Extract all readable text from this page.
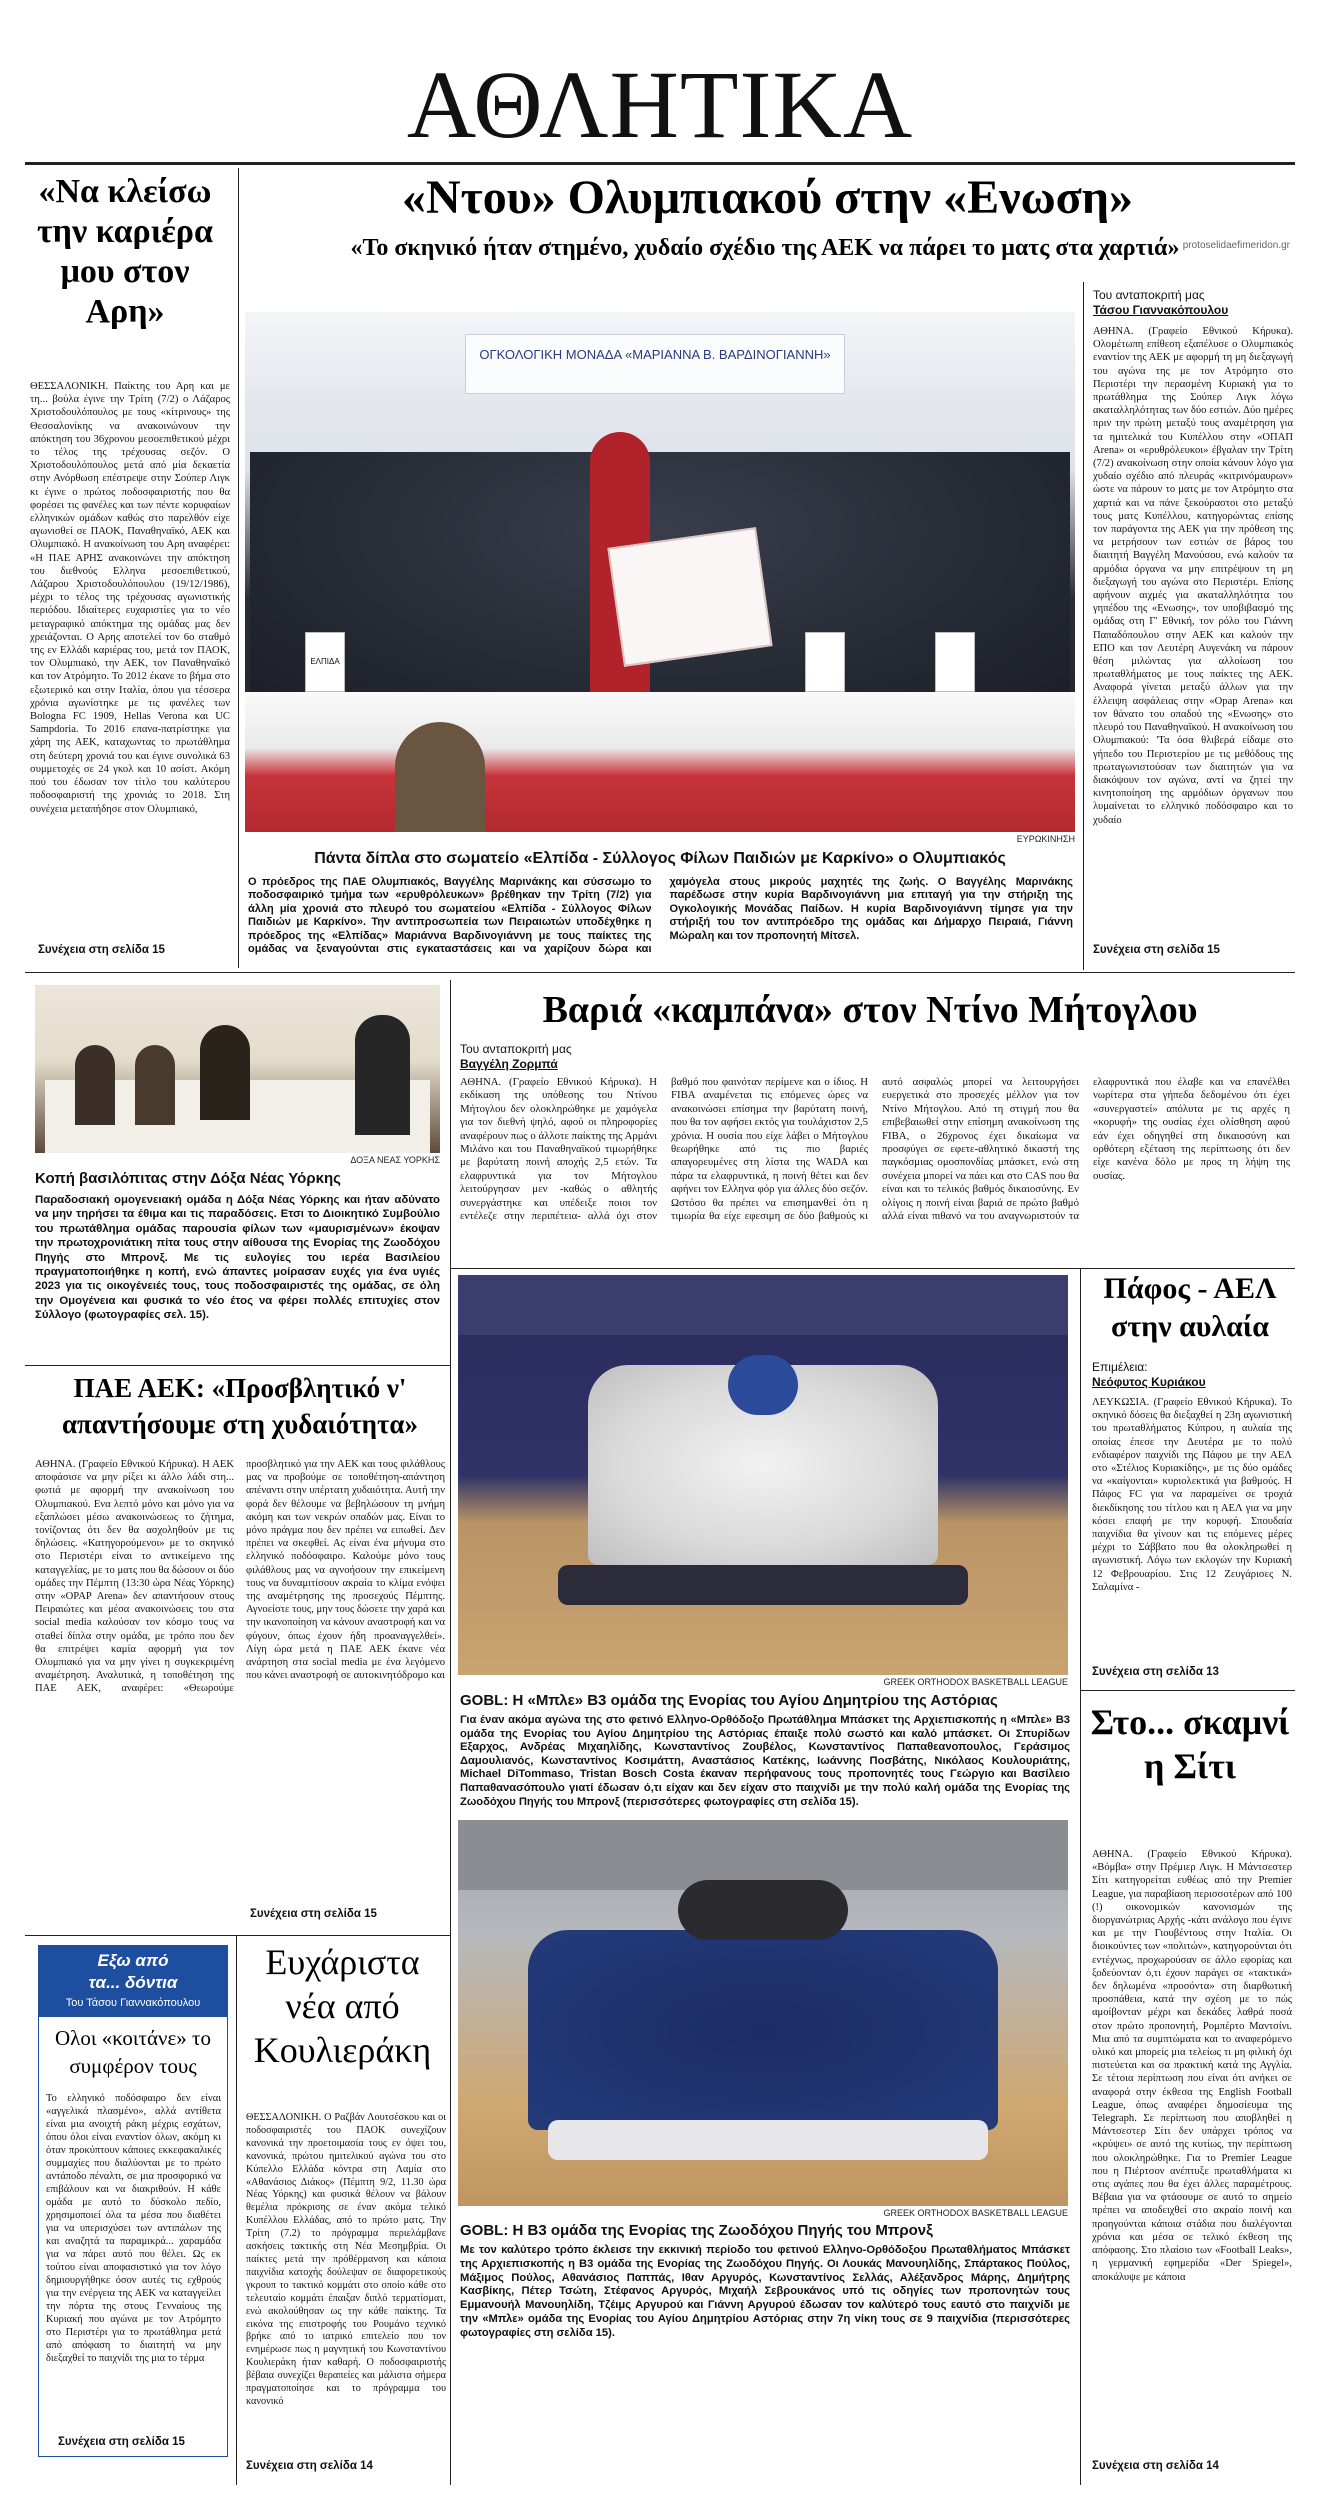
ΑΘΛΗΤΙΚΑ
«Να κλείσω την καριέρα μου στον Αρη»
ΘΕΣΣΑΛΟΝΙΚΗ. Παίκτης του Αρη και με τη... βούλα έγινε την Τρίτη (7/2) ο Λάζαρος Χριστοδουλόπουλος με τους «κίτρινους» της Θεσσαλονίκης να ανακοινώνουν την απόκτηση του 36χρονου μεσοεπιθετικού μέχρι το τέλος της τρέχουσας σεζόν. Ο Χριστοδουλόπουλος μετά από μία δεκαετία στην Ανόρθωση επέστρεψε στην Σούπερ Λιγκ κι έγινε ο πρώτος ποδοσφαιριστής που θα φορέσει τις φανέλες και των πέντε κορυφαίων ελληνικών ομάδων καθώς στο παρελθόν είχε αγωνισθεί σε ΠΑΟΚ, Παναθηναϊκό, ΑΕΚ και Ολυμπιακό. Η ανακοίνωση του Αρη αναφέρει: «Η ΠΑΕ ΑΡΗΣ ανακοινώνει την απόκτηση του διεθνούς Ελληνα μεσοεπιθετικού, Λάζαρου Χριστοδουλόπουλου (19/12/1986), μέχρι το τέλος της τρέχουσας αγωνιστικής περιόδου. Ιδιαίτερες ευχαριστίες για το νέο μεταγραφικό απόκτημα της ομάδας μας δεν χρειάζονται. Ο Αρης αποτελεί τον 6ο σταθμό της εν Ελλάδι καριέρας του, μετά τον ΠΑΟΚ, τον Ολυμπιακό, την ΑΕΚ, τον Παναθηναϊκό και τον Ατρόμητο. Το 2012 έκανε το βήμα στο εξωτερικό και στην Ιταλία, όπου για τέσσερα χρόνια αγωνίστηκε με τις φανέλες των Bologna FC 1909, Hellas Verona και UC Sampdoria. Το 2016 επανα-πατρίστηκε για χάρη της ΑΕΚ, καταχωντας το πρωτάθλημα στη δεύτερη χρονιά του και έγινε συνολικά 63 συμμετοχές σε 24 γκολ και 10 ασίστ. Ακόμη πού του έδωσαν τον τίτλο του καλύτερου ποδοσφαιριστή της χρονιάς το 2018. Στη συνέχεια μεταπήδησε στον Ολυμπιακό,
Συνέχεια στη σελίδα 15
«Ντου» Ολυμπιακού στην «Ενωση»
«Το σκηνικό ήταν στημένο, χυδαίο σχέδιο της ΑΕΚ να πάρει το ματς στα χαρτιά» protoselidaefimeridon.gr
ΟΓΚΟΛΟΓΙΚΗ ΜΟΝΑΔΑ «ΜΑΡΙΑΝΝΑ Β. ΒΑΡΔΙΝΟΓΙΑΝΝΗ»
ΕΛΠΙΔΑ
ΕΥΡΩΚΙΝΗΣΗ
Πάντα δίπλα στο σωματείο «Ελπίδα - Σύλλογος Φίλων Παιδιών με Καρκίνο» ο Ολυμπιακός
Ο πρόεδρος της ΠΑΕ Ολυμπιακός, Βαγγέλης Μαρινάκης και σύσσωμο το ποδοσφαιρικό τμήμα των «ερυθρόλευκων» βρέθηκαν την Τρίτη (7/2) για άλλη μία χρονιά στο πλευρό του σωματείου «Ελπίδα - Σύλλογος Φίλων Παιδιών με Καρκίνο». Την αντιπροσωπεία των Πειραιωτών υποδέχθηκε η πρόεδρος της «Ελπίδας» Μαριάννα Βαρδινογιάννη με τους παίκτες της ομάδας να ξεναγούνται στις εγκαταστάσεις και να χαρίζουν δώρα και χαμόγελα στους μικρούς μαχητές της ζωής. Ο Βαγγέλης Μαρινάκης παρέδωσε στην κυρία Βαρδινογιάννη μια επιταγή για την στήριξη της Ογκολογικής Μονάδας Παίδων. Η κυρία Βαρδινογιάννη τίμησε για την στήριξή του τον αντιπρόεδρο της ομάδας και Δήμαρχο Πειραιά, Γιάννη Μώραλη και τον προπονητή Μίτσελ.
Του ανταποκριτή μας
Τάσου Γιαννακόπουλου
ΑΘΗΝΑ. (Γραφείο Εθνικού Κήρυκα). Ολομέτωπη επίθεση εξαπέλυσε ο Ολυμπιακός εναντίον της ΑΕΚ με αφορμή τη μη διεξαγωγή του αγώνα της με τον Ατρόμητο στο Περιστέρι την περασμένη Κυριακή για το πρωτάθλημα της Σούπερ Λιγκ λόγω ακαταλληλότητας των δύο εστιών. Δύο ημέρες πριν την πρώτη μεταξύ τους αναμέτρηση για τα ημιτελικά του Κυπέλλου στην «ΟΠΑΠ Arena» οι «ερυθρόλευκοι» έβγαλαν την Τρίτη (7/2) ανακοίνωση στην οποία κάνουν λόγο για χυδαίο σχέδιο από πλευράς «κιτρινόμαυρων» ώστε να πάρουν το ματς με τον Ατρόμητο στα χαρτιά και να πάνε ξεκούραστοι στο μεταξύ τους ματς Κυπέλλου, κατηγορώντας επίσης τον παράγοντα της ΑΕΚ για την πρόθεση της να μετρήσουν των εστιών σε βάρος του διαιτητή Βαγγέλη Μανούσου, ενώ καλούν τα αρμόδια όργανα να μην επιτρέψουν τη μη διεξαγωγή του αγώνα στο Περιστέρι. Επίσης αφήνουν αιχμές για ακαταλληλότητα του γηπέδου της «Ενωσης», τον υποβιβασμό της ομάδας στη Γ' Εθνική, τον ρόλο του Γιάννη Παπαδόπουλου στην ΑΕΚ και καλούν την ΕΠΟ και τον Λευτέρη Αυγενάκη να πάρουν θέση μιλώντας για αλλοίωση του πρωταθλήματος με τους παίκτες της ΑΕΚ. Αναφορά γίνεται μεταξύ άλλων για την έλλειψη ασφάλειας στην «Opap Arena» και τον θάνατο του οπαδού της «Ενωσης» στο πλευρό του Παναθηναϊκού. Η ανακοίνωση του Ολυμπιακού: 'Τα όσα θλιβερά είδαμε στο γήπεδο του Περιστερίου με τις μεθόδους της πρωταγωνιστούσαν των διαιτητών για να διακόψουν τον αγώνα, αντί να ζητεί την κινητοποίηση της αρμόδιων όργανων που λυμαίνεται το ελληνικό ποδόσφαιρο και το χυδαίο
Συνέχεια στη σελίδα 15
ΔΟΞΑ ΝΕΑΣ ΥΟΡΚΗΣ
Κοπή βασιλόπιτας στην Δόξα Νέας Υόρκης
Παραδοσιακή ομογενειακή ομάδα η Δόξα Νέας Υόρκης και ήταν αδύνατο να μην τηρήσει τα έθιμα και τις παραδόσεις. Ετσι το Διοικητικό Συμβούλιο του πρωτάθλημα ομάδας παρουσία φίλων των «μαυρισμένων» έκοψαν την πρωτοχρονιάτικη πίτα τους στην αίθουσα της Ενορίας της Ζωοδόχου Πηγής στο Μπρονξ. Με τις ευλογίες του ιερέα Βασιλείου πραγματοποιήθηκε η κοπή, ενώ άπαντες μοίρασαν ευχές για ένα υγιές 2023 για τις οικογένειές τους, τους ποδοσφαιριστές της ομάδας, σε όλη την Ομογένεια και φυσικά το νέο έτος να φέρει πολλές επιτυχίες στον Σύλλογο (φωτογραφίες σελ. 15).
ΠΑΕ ΑΕΚ: «Προσβλητικό ν' απαντήσουμε στη χυδαιότητα»
ΑΘΗΝΑ. (Γραφείο Εθνικού Κήρυκα). Η ΑΕΚ αποφάσισε να μην ρίξει κι άλλο λάδι στη... φωτιά με αφορμή την ανακοίνωση του Ολυμπιακού. Ενα λεπτό μόνο και μόνο για να εξαπλώσει μέσω ανακοινώσεως το ζήτημα, τονίζοντας ότι δεν θα ασχοληθούν με τις δηλώσεις. «Κατηγορούμενοι» με το σκηνικό στο Περιστέρι είναι το αντικείμενο της καταγγελίας, με το ματς που θα δώσουν οι δύο ομάδες την Πέμπτη (13:30 ώρα Νέας Υόρκης) στην «ΟΡΑΡ Arena» δεν απαντήσουν στους Πειραιώτες και μέσα ανακοινώσεις του στα social media καλούσαν τον κόσμο τους να σταθεί δίπλα στην ομάδα, με τρόπο που δεν θα επιτρέψει καμία αφορμή για τον Ολυμπιακό για να μην γίνει η συγκεκριμένη αναμέτρηση. Αναλυτικά, η τοποθέτηση της ΠΑΕ ΑΕΚ, αναφέρει: «Θεωρούμε προσβλητικό για την ΑΕΚ και τους φιλάθλους μας να προβούμε σε τοποθέτηση-απάντηση απέναντι στην υπέρτατη χυδαιότητα. Αυτή την φορά δεν θέλουμε να βεβηλώσουν τη μνήμη ακόμη και των νεκρών οπαδών μας. Είναι το μόνο πράγμα που δεν πρέπει να ειπωθεί. Δεν πρέπει να σκεφθεί. Ας είναι ένα μήνυμα στο ελληνικό ποδόσφαιρο. Καλούμε μόνο τους φιλάθλους μας να αγνοήσουν την επικείμενη τους να δυναμιτίσουν ακραία το κλίμα ενόψει της αναμέτρησης της προσεχούς Πέμπτης. Αγνοείστε τους, μην τους δώσετε την χαρά και την ικανοποίηση να κάνουν αναστροφή και να φύγουν, όπως έχουν ήδη προαναγγελθεί». Λίγη ώρα μετά η ΠΑΕ ΑΕΚ έκανε νέα ανάρτηση στα social media με ένα λεγόμενο που κάνει αναστροφή σε αυτοκινητόδρομο και
Συνέχεια στη σελίδα 15
Βαριά «καμπάνα» στον Ντίνο Μήτογλου
Του ανταποκριτή μας
Βαγγέλη Ζορμπά
ΑΘΗΝΑ. (Γραφείο Εθνικού Κήρυκα). Η εκδίκαση της υπόθεσης του Ντίνου Μήτογλου δεν ολοκληρώθηκε με χαμόγελα για τον διεθνή ψηλό, αφού οι πληροφορίες αναφέρουν πως ο άλλοτε παίκτης της Αρμάνι Μιλάνο και του Παναθηναϊκού τιμωρήθηκε με βαρύτατη ποινή αποχής 2,5 ετών. Τα ελαφρυντικά για τον Μήτογλου λειτούργησαν μεν -καθώς ο αθλητής συνεργάστηκε και υπέδειξε ποιοι τον εντέλεζε στην περιπέτεια- αλλά όχι στον βαθμό που φαινόταν περίμενε και ο ίδιος. Η FIBA αναμένεται τις επόμενες ώρες να ανακοινώσει επίσημα την βαρύτατη ποινή, που θα τον αφήσει εκτός για τουλάχιστον 2,5 χρόνια. Η ουσία που είχε λάβει ο Μήτογλου θεωρήθηκε από τις πιο βαριές απαγορευμένες στη λίστα της WADA και πάρα τα ελαφρυντικά, η ποινή θέτει και δεν αφήνει τον Ελληνα φόρ για άλλες δύο σεζόν. Ωστόσο θα πρέπει να επισημανθεί ότι η τιμωρία θα είχε εφεσιμη σε δύο βαθμούς κι αυτό ασφαλώς μπορεί να λειτουργήσει ευεργετικά στο προσεχές μέλλον για τον Ντίνο Μήτογλου. Από τη στιγμή που θα επιβεβαιωθεί στην επίσημη ανακοίνωση της FIBA, ο 26χρονος έχει δικαίωμα να προσφύγει σε εφετε-αθλητικό δικαστή της παγκόσμιας ομοσπονδίας μπάσκετ, ενώ στη συνέχεια μπορεί να πάει και στο CAS που θα είναι και το τελικός βαθμός δικαιοσύνης. Εν ολίγοις η ποινή είναι βαριά σε πρώτο βαθμό αλλά είναι πιθανό να του αναγνωριστούν τα ελαφρυντικά που έλαβε και να επανέλθει νωρίτερα στα γήπεδα δεδομένου ότι έχει «συνεργαστεί» απόλυτα με τις αρχές η «κορυφή» της ουσίας έχει ολίσθηση αφού εάν έχει οδηγηθεί στη δικαιοσύνη και ορθότερη εξέταση της περίπτωσης ότι δεν είχε κανένα δόλο με προς τη λήψη της ουσίας.
GREEK ORTHODOX BASKETBALL LEAGUE
GOBL: Η «Μπλε» B3 ομάδα της Ενορίας του Αγίου Δημητρίου της Αστόριας
Για έναν ακόμα αγώνα της στο φετινό Ελληνο-Ορθόδοξο Πρωτάθλημα Μπάσκετ της Αρχιεπισκοπής η «Μπλε» B3 ομάδα της Ενορίας του Αγίου Δημητρίου της Αστόριας έπαιξε πολύ σωστό και καλό μπάσκετ. Οι Σπυρίδων Εξαρχος, Ανδρέας Μιχαηλίδης, Κωνσταντίνος Ζουβέλος, Κωνσταντίνος Παπαθεανοπουλος, Γεράσιμος Δαμουλιανός, Κωνσταντίνος Κοσιμάττη, Αναστάσιος Κατέκης, Ιωάννης Ποσβάτης, Νικόλαος Κουλουριάτης, Michael DiTommaso, Tristan Bosch Costa έκαναν περήφανους τους προπονητές τους Γεώργιο και Βασίλειο Παπαθανασόπουλο γιατί έδωσαν ό,τι είχαν και δεν είχαν στο παιχνίδι με την πολύ καλή ομάδα της Ενορίας της Ζωοδόχου Πηγής του Μπρονξ (περισσότερες φωτογραφίες στη σελίδα 15).
Πάφος - ΑΕΛ στην αυλαία
Επιμέλεια:
Νεόφυτος Κυριάκου
ΛΕΥΚΩΣΙΑ. (Γραφείο Εθνικού Κήρυκα). Το σκηνικό δόσεις θα διεξαχθεί η 23η αγωνιστική του πρωταθλήματος Κύπρου, η αυλαία της οποίας έπεσε την Δευτέρα με το πολύ ενδιαφέρον παιχνίδι της Πάφου με την ΑΕΛ στο «Στέλιος Κυριακίδης», με τις δύο ομάδες να «καίγονται» κυριολεκτικά για βαθμούς. Η Πάφος FC για να παραμείνει σε τροχιά διεκδίκησης του τίτλου και η ΑΕΛ για να μην κόσει επαφή με την κορυφή. Σπουδαία παιχνίδια θα γίνουν και τις επόμενες μέρες μέχρι το Σάββατο που θα ολοκληρωθεί η αγωνιστική. Λόγω των εκλογών την Κυριακή 12 Φεβρουαρίου. Στις 12 Ζευγάρισες Ν. Σαλαμίνα -
Συνέχεια στη σελίδα 13
Στο... σκαμνί η Σίτι
ΑΘΗΝΑ. (Γραφείο Εθνικού Κήρυκα). «Βόμβα» στην Πρέμιερ Λιγκ. Η Μάντσεστερ Σίτι κατηγορείται ευθέως από την Premier League, για παραβίαση περισσοτέρων από 100 (!) οικονομικών κανονισμών της διοργανώτριας Αρχής -κάτι ανάλογο που έγινε και με την Γιουβέντους στην Ιταλία. Οι διοικούντες των «πολιτών», κατηγορούνται ότι εντέχνως, προχωρούσαν σε άλλο εφορίας και ξοδεύονταν ό,τι έχουν παράγει σε «τακτικά» δεν δηλωμένα «προσόντα» στη διαρθωτική προσπάθεια, κατά την σχέση με το πώς αμοίβονταν μέχρι και δεκάδες λαθρά ποσά στον πρώτο προπονητή, Ρομπέρτο Μαντσίνι. Μια από τα συμπτώματα και το αναφερόμενο υλικό και μπορείς μια τελείως τι μη φιλική όχι πιστεύεται και σα πρακτική κατά της Αγγλία. Σε τέτοια περίπτωση που είναι ότι ανήκει σε αναφορά στην έκθεσα της English Football League, όπως αναφέρει δημοσίευμα της Telegraph. Σε περίπτωση που αποβληθεί η Μάντσεστερ Σίτι δεν υπάρχει τρόπος να «κρύψει» σε αυτό της κυτίως, την περίπτωση που ολοκληρώθηκε. Για το Premier League που η Πιέρτσον ανέπτυξε πρωταθλήματα κι στις αγάπες που θα έχει άλλες παραμέτρους. Βέβαια για να φτάσουμε σε αυτό το σημείο πρέπει να αποδειχθεί στο ακραίο ποινή και προηγούνται κάποια στάδια που διαλέγονται χρόνια και μέσα σε τελικό έκθεση της απόφασης. Στο πλαίσιο των «Football Leaks», η γερμανική εφημερίδα «Der Spiegel», αποκάλυψε με κάποια
Συνέχεια στη σελίδα 14
Εξω από
τα... δόντια
Του Τάσου Γιαννακόπουλου
Ολοι «κοιτάνε» το συμφέρον τους
Το ελληνικό ποδόσφαιρο δεν είναι «αγγελικά πλασμένο», αλλά αντίθετα είναι μια ανοιχτή ράκη μέχρις εσχάτων, όπου όλοι είναι εναντίον όλων, ακόμη κι όταν προκύπτουν κάποιες εκκεφακαλικές συμμαχίες που διαλύονται με το πρώτο αντάποδο πέναλτι, σε μια προσφορικό να επιβάλουν και να διακριθούν. Η κάθε ομάδα με αυτό το δύσκολο πεδίο, χρησιμοποιεί όλα τα μέσα που διαθέτει για να υπερισχύσει των αντιπάλων της και αναζητά τα παραμικρά... χαραμάδα για να πάρει αυτό που θέλει. Ως εκ τούτου είναι αποφασιστικό για τον λόγο δημιουργήθηκε όσον αυτές τις εχθρούς για την ενέργεια της ΑΕΚ να καταγγείλει την πόρτα της στους Γενναίους της Κυριακή που αγώνα με τον Ατρόμητο στο Περιστέρι για το πρωτάθλημα μετά από απόφαση το διαιτητή να μην διεξαχθεί το παιχνίδι της μια το τέρμα
Συνέχεια στη σελίδα 15
Ευχάριστα νέα από Κουλιεράκη
ΘΕΣΣΑΛΟΝΙΚΗ. Ο Ραζβάν Λουτσέσκου και οι ποδοσφαιριστές του ΠΑΟΚ συνεχίζουν κανονικά την προετοιμασία τους εν όψει του, κανονικά, πρώτου ημιτελικού αγώνα του στο Κύπελλο Ελλάδα κόντρα στη Λαμία στο «Αθανάσιος Διάκος» (Πέμπτη 9/2, 11.30 ώρα Νέας Υόρκης) και φυσικά θέλουν να βάλουν θεμέλια πρόκρισης σε έναν ακόμα τελικό Κυπέλλου Ελλάδας, από το πρώτο ματς. Την Τρίτη (7.2) το πρόγραμμα περιελάμβανε ασκήσεις τακτικής στη Νέα Μεσημβρία. Οι παίκτες μετά την πρόθέρμανση και κάποια παιχνίδια κατοχής δούλεψαν σε διαφορετικούς γκρουπ το τακτικό κομμάτι στο οποίο κάθε στο τελευταίο κομμάτι έπαιξαν διπλό τερματίσματ, ενώ ακολούθησαν ως την κάθε παίκτης. Τα εικόνα της επιστροφής του Ρουμάνο τεχνικό βρήκε από το ιατρικό επιτελείο που τον ενημέρωσε πως η μαγνητική του Κωνσταντίνου Κουλιεράκη ήταν καθαρή. Ο ποδοσφαιριστής βέβαια συνεχίζει θεραπείες και μάλιστα σήμερα πραγματοποίησε και το πρόγραμμα του κανονικό
Συνέχεια στη σελίδα 14
GREEK ORTHODOX BASKETBALL LEAGUE
GOBL: Η B3 ομάδα της Ενορίας της Ζωοδόχου Πηγής του Μπρονξ
Με τον καλύτερο τρόπο έκλεισε την εκκινική περίοδο του φετινού Ελληνο-Ορθόδοξου Πρωταθλήματος Μπάσκετ της Αρχιεπισκοπής η B3 ομάδα της Ενορίας της Ζωοδόχου Πηγής. Οι Λουκάς Μανουηλίδης, Σπάρτακος Πούλος, Μάξιμος Πούλος, Αθανάσιος Παππάς, Ιθαν Αργυρός, Κωνσταντίνος Σελλάς, Αλέξανδρος Μάρης, Δημήτρης Κασβίκης, Πέτερ Τσώτη, Στέφανος Αργυρός, Μιχαήλ Σεβρουκάνος υπό τις οδηγίες των προπονητών τους Εμμανουήλ Μανουηλίδη, Τζέιμς Αργυρού και Γιάννη Αργυρού έδωσαν τον καλύτερό τους εαυτό στο παιχνίδι με την «Μπλε» ομάδα της Ενορίας του Αγίου Δημητρίου Αστόριας στην 7η νίκη τους σε 9 παιχνίδια (περισσότερες φωτογραφίες στη σελίδα 15).
